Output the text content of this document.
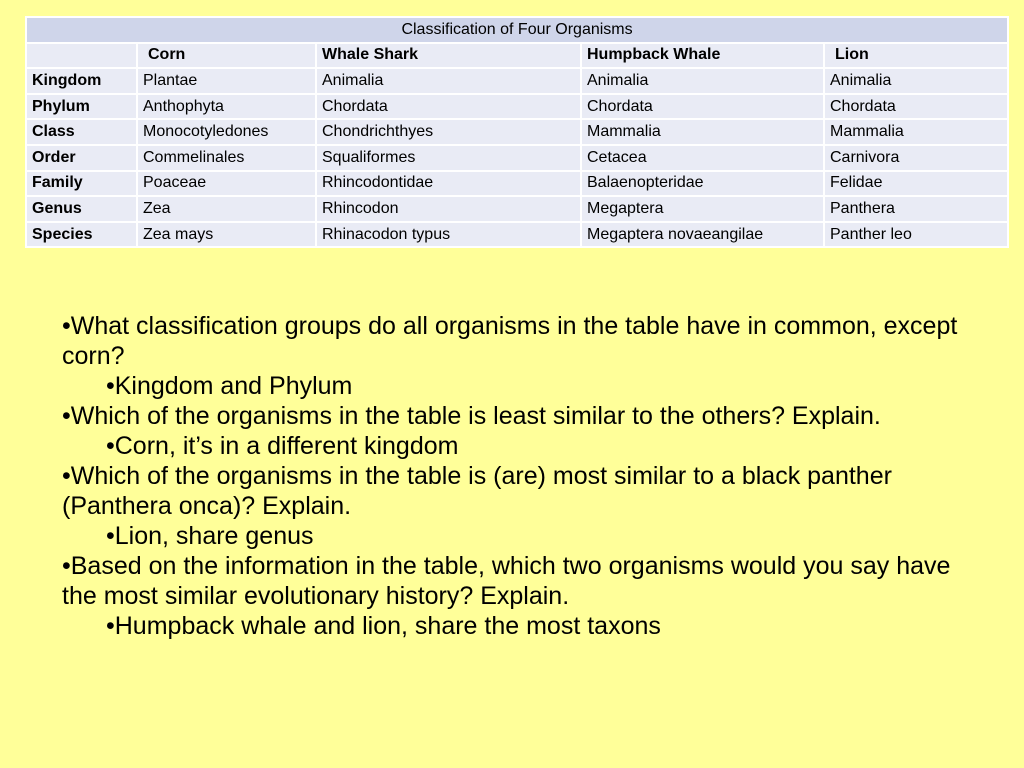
Classification of Four Organisms				
	Corn	Whale Shark	Humpback Whale	Lion
Kingdom	Plantae	Animalia	Animalia	Animalia
Phylum	Anthophyta	Chordata	Chordata	Chordata
Class	Monocotyledones	Chondrichthyes	Mammalia	Mammalia
Order	Commelinales	Squaliformes	Cetacea	Carnivora
Family	Poaceae	Rhincodontidae	Balaenopteridae	Felidae
Genus	Zea	Rhincodon	Megaptera	Panthera
Species	Zea mays	Rhinacodon typus	Megaptera novaeangilae	Panther leo

•What classification groups do all organisms in the table have in common, except corn?

•Kingdom and Phylum

•Which of the organisms in the table is least similar to the others? Explain.

•Corn, it’s in a different kingdom

•Which of the organisms in the table is (are) most similar to a black panther (Panthera onca)? Explain.

•Lion, share genus

•Based on the information in the table, which two organisms would you say have the most similar evolutionary history? Explain.

•Humpback whale and lion, share the most taxons
